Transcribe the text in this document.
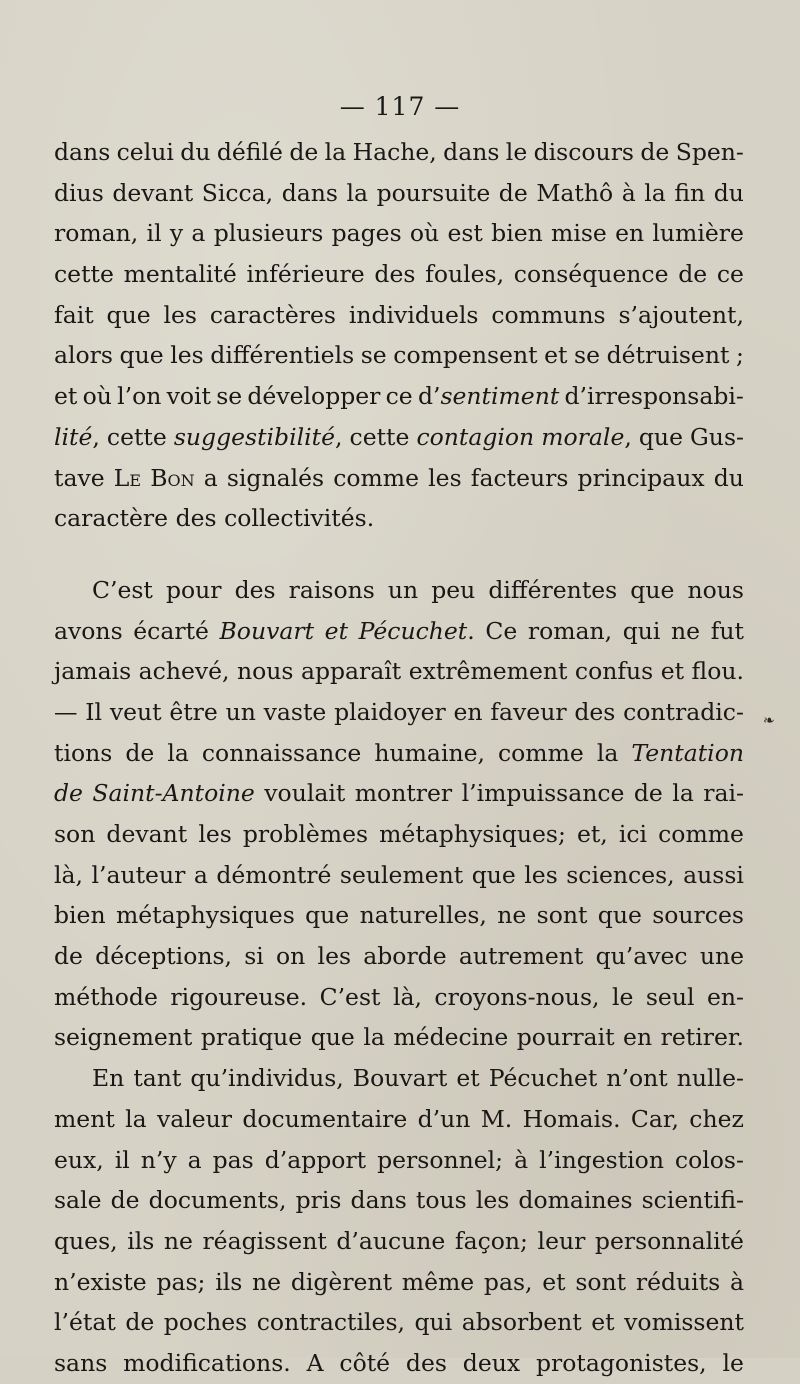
— 117 —
dans celui du défilé de la Hache, dans le discours de Spen-
dius devant Sicca, dans la poursuite de Mathô à la fin du
roman, il y a plusieurs pages où est bien mise en lumière
cette mentalité inférieure des foules, conséquence de ce
fait que les caractères individuels communs s’ajoutent,
alors que les différentiels se compensent et se détruisent ;
et où l’on voit se développer ce d’sentiment d’irresponsabi-
lité, cette suggestibilité, cette contagion morale, que Gus-
tave Le Bon a signalés comme les facteurs principaux du
caractère des collectivités.
C’est pour des raisons un peu différentes que nous
avons écarté Bouvart et Pécuchet. Ce roman, qui ne fut
jamais achevé, nous apparaît extrêmement confus et flou.
— Il veut être un vaste plaidoyer en faveur des contradic-
tions de la connaissance humaine, comme la Tentation
de Saint-Antoine voulait montrer l’impuissance de la rai-
son devant les problèmes métaphysiques; et, ici comme
là, l’auteur a démontré seulement que les sciences, aussi
bien métaphysiques que naturelles, ne sont que sources
de déceptions, si on les aborde autrement qu’avec une
méthode rigoureuse. C’est là, croyons-nous, le seul en-
seignement pratique que la médecine pourrait en retirer.
En tant qu’individus, Bouvart et Pécuchet n’ont nulle-
ment la valeur documentaire d’un M. Homais. Car, chez
eux, il n’y a pas d’apport personnel; à l’ingestion colos-
sale de documents, pris dans tous les domaines scientifi-
ques, ils ne réagissent d’aucune façon; leur personnalité
n’existe pas; ils ne digèrent même pas, et sont réduits à
l’état de poches contractiles, qui absorbent et vomissent
sans modifications. A côté des deux protagonistes, le
❧
